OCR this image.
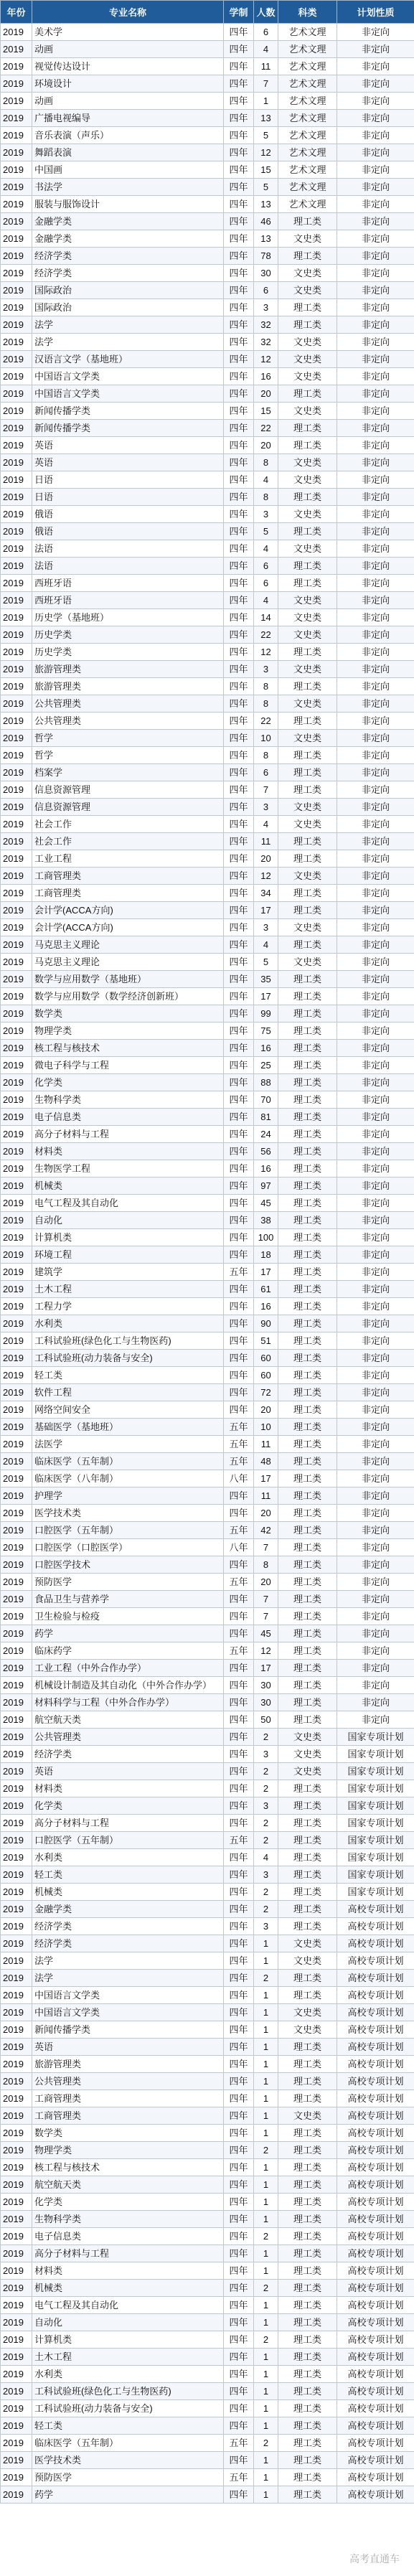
年份	专业名称	学制	人数	科类	计划性质
2019	美术学	四年	6	艺术文理	非定向
2019	动画	四年	4	艺术文理	非定向
2019	视觉传达设计	四年	11	艺术文理	非定向
2019	环境设计	四年	7	艺术文理	非定向
2019	动画	四年	1	艺术文理	非定向
2019	广播电视编导	四年	13	艺术文理	非定向
2019	音乐表演（声乐）	四年	5	艺术文理	非定向
2019	舞蹈表演	四年	12	艺术文理	非定向
2019	中国画	四年	15	艺术文理	非定向
2019	书法学	四年	5	艺术文理	非定向
2019	服装与服饰设计	四年	13	艺术文理	非定向
2019	金融学类	四年	46	理工类	非定向
2019	金融学类	四年	13	文史类	非定向
2019	经济学类	四年	78	理工类	非定向
2019	经济学类	四年	30	文史类	非定向
2019	国际政治	四年	6	文史类	非定向
2019	国际政治	四年	3	理工类	非定向
2019	法学	四年	32	理工类	非定向
2019	法学	四年	32	文史类	非定向
2019	汉语言文学（基地班）	四年	12	文史类	非定向
2019	中国语言文学类	四年	16	文史类	非定向
2019	中国语言文学类	四年	20	理工类	非定向
2019	新闻传播学类	四年	15	文史类	非定向
2019	新闻传播学类	四年	22	理工类	非定向
2019	英语	四年	20	理工类	非定向
2019	英语	四年	8	文史类	非定向
2019	日语	四年	4	文史类	非定向
2019	日语	四年	8	理工类	非定向
2019	俄语	四年	3	文史类	非定向
2019	俄语	四年	5	理工类	非定向
2019	法语	四年	4	文史类	非定向
2019	法语	四年	6	理工类	非定向
2019	西班牙语	四年	6	理工类	非定向
2019	西班牙语	四年	4	文史类	非定向
2019	历史学（基地班）	四年	14	文史类	非定向
2019	历史学类	四年	22	文史类	非定向
2019	历史学类	四年	12	理工类	非定向
2019	旅游管理类	四年	3	文史类	非定向
2019	旅游管理类	四年	8	理工类	非定向
2019	公共管理类	四年	8	文史类	非定向
2019	公共管理类	四年	22	理工类	非定向
2019	哲学	四年	10	文史类	非定向
2019	哲学	四年	8	理工类	非定向
2019	档案学	四年	6	理工类	非定向
2019	信息资源管理	四年	7	理工类	非定向
2019	信息资源管理	四年	3	文史类	非定向
2019	社会工作	四年	4	文史类	非定向
2019	社会工作	四年	11	理工类	非定向
2019	工业工程	四年	20	理工类	非定向
2019	工商管理类	四年	12	文史类	非定向
2019	工商管理类	四年	34	理工类	非定向
2019	会计学(ACCA方向)	四年	17	理工类	非定向
2019	会计学(ACCA方向)	四年	3	文史类	非定向
2019	马克思主义理论	四年	4	理工类	非定向
2019	马克思主义理论	四年	5	文史类	非定向
2019	数学与应用数学（基地班）	四年	35	理工类	非定向
2019	数学与应用数学（数学经济创新班）	四年	17	理工类	非定向
2019	数学类	四年	99	理工类	非定向
2019	物理学类	四年	75	理工类	非定向
2019	核工程与核技术	四年	16	理工类	非定向
2019	微电子科学与工程	四年	25	理工类	非定向
2019	化学类	四年	88	理工类	非定向
2019	生物科学类	四年	70	理工类	非定向
2019	电子信息类	四年	81	理工类	非定向
2019	高分子材料与工程	四年	24	理工类	非定向
2019	材料类	四年	56	理工类	非定向
2019	生物医学工程	四年	16	理工类	非定向
2019	机械类	四年	97	理工类	非定向
2019	电气工程及其自动化	四年	45	理工类	非定向
2019	自动化	四年	38	理工类	非定向
2019	计算机类	四年	100	理工类	非定向
2019	环境工程	四年	18	理工类	非定向
2019	建筑学	五年	17	理工类	非定向
2019	土木工程	四年	61	理工类	非定向
2019	工程力学	四年	16	理工类	非定向
2019	水利类	四年	90	理工类	非定向
2019	工科试验班(绿色化工与生物医药)	四年	51	理工类	非定向
2019	工科试验班(动力装备与安全)	四年	60	理工类	非定向
2019	轻工类	四年	60	理工类	非定向
2019	软件工程	四年	72	理工类	非定向
2019	网络空间安全	四年	20	理工类	非定向
2019	基础医学（基地班）	五年	10	理工类	非定向
2019	法医学	五年	11	理工类	非定向
2019	临床医学（五年制）	五年	48	理工类	非定向
2019	临床医学（八年制）	八年	17	理工类	非定向
2019	护理学	四年	11	理工类	非定向
2019	医学技术类	四年	20	理工类	非定向
2019	口腔医学（五年制）	五年	42	理工类	非定向
2019	口腔医学（口腔医学）	八年	7	理工类	非定向
2019	口腔医学技术	四年	8	理工类	非定向
2019	预防医学	五年	20	理工类	非定向
2019	食品卫生与营养学	四年	7	理工类	非定向
2019	卫生检验与检疫	四年	7	理工类	非定向
2019	药学	四年	45	理工类	非定向
2019	临床药学	五年	12	理工类	非定向
2019	工业工程（中外合作办学）	四年	17	理工类	非定向
2019	机械设计制造及其自动化（中外合作办学）	四年	30	理工类	非定向
2019	材料科学与工程（中外合作办学）	四年	30	理工类	非定向
2019	航空航天类	四年	50	理工类	非定向
2019	公共管理类	四年	2	文史类	国家专项计划
2019	经济学类	四年	3	文史类	国家专项计划
2019	英语	四年	2	文史类	国家专项计划
2019	材料类	四年	2	理工类	国家专项计划
2019	化学类	四年	3	理工类	国家专项计划
2019	高分子材料与工程	四年	2	理工类	国家专项计划
2019	口腔医学（五年制）	五年	2	理工类	国家专项计划
2019	水利类	四年	4	理工类	国家专项计划
2019	轻工类	四年	3	理工类	国家专项计划
2019	机械类	四年	2	理工类	国家专项计划
2019	金融学类	四年	2	理工类	高校专项计划
2019	经济学类	四年	3	理工类	高校专项计划
2019	经济学类	四年	1	文史类	高校专项计划
2019	法学	四年	1	文史类	高校专项计划
2019	法学	四年	2	理工类	高校专项计划
2019	中国语言文学类	四年	1	理工类	高校专项计划
2019	中国语言文学类	四年	1	文史类	高校专项计划
2019	新闻传播学类	四年	1	文史类	高校专项计划
2019	英语	四年	1	理工类	高校专项计划
2019	旅游管理类	四年	1	理工类	高校专项计划
2019	公共管理类	四年	1	理工类	高校专项计划
2019	工商管理类	四年	1	理工类	高校专项计划
2019	工商管理类	四年	1	文史类	高校专项计划
2019	数学类	四年	1	理工类	高校专项计划
2019	物理学类	四年	2	理工类	高校专项计划
2019	核工程与核技术	四年	1	理工类	高校专项计划
2019	航空航天类	四年	1	理工类	高校专项计划
2019	化学类	四年	1	理工类	高校专项计划
2019	生物科学类	四年	1	理工类	高校专项计划
2019	电子信息类	四年	2	理工类	高校专项计划
2019	高分子材料与工程	四年	1	理工类	高校专项计划
2019	材料类	四年	1	理工类	高校专项计划
2019	机械类	四年	2	理工类	高校专项计划
2019	电气工程及其自动化	四年	1	理工类	高校专项计划
2019	自动化	四年	1	理工类	高校专项计划
2019	计算机类	四年	2	理工类	高校专项计划
2019	土木工程	四年	1	理工类	高校专项计划
2019	水利类	四年	1	理工类	高校专项计划
2019	工科试验班(绿色化工与生物医药)	四年	1	理工类	高校专项计划
2019	工科试验班(动力装备与安全)	四年	1	理工类	高校专项计划
2019	轻工类	四年	1	理工类	高校专项计划
2019	临床医学（五年制）	五年	2	理工类	高校专项计划
2019	医学技术类	四年	1	理工类	高校专项计划
2019	预防医学	五年	1	理工类	高校专项计划
2019	药学	四年	1	理工类	高校专项计划
高考直通车
